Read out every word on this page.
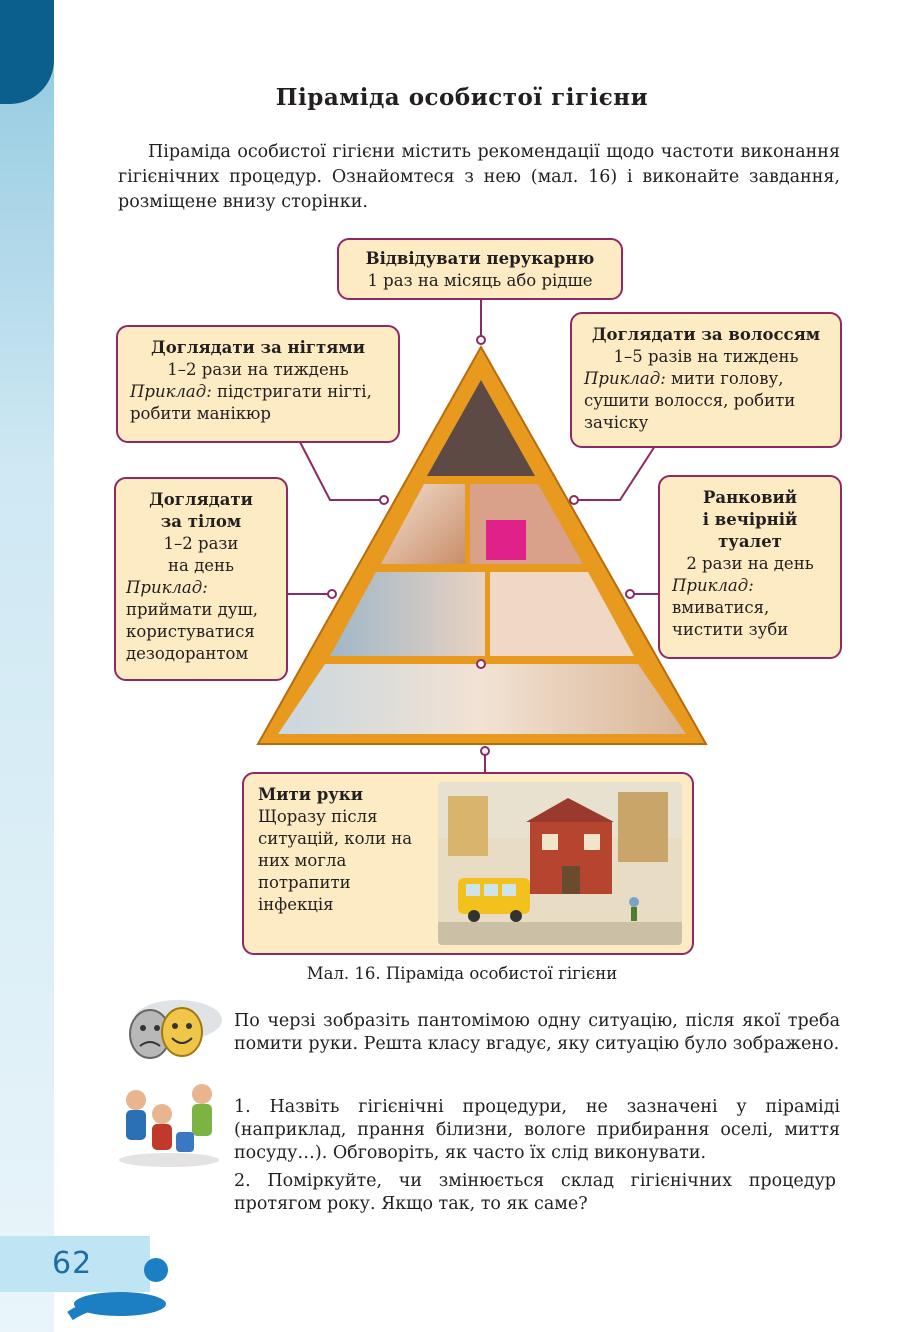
Піраміда особистої гігієни
Піраміда особистої гігієни містить рекомендації щодо частоти виконання гігієнічних процедур. Ознайомтеся з нею (мал. 16) і виконайте завдання, розміщене внизу сторінки.
Відвідувати перукарню
1 раз на місяць або рідше
Доглядати за нігтями
1–2 рази на тиждень
Приклад: підстригати нігті, робити манікюр
Доглядати за волоссям
1–5 разів на тиждень
Приклад: мити голову, сушити волосся, робити зачіску
Доглядати
за тілом
1–2 рази
на день
Приклад: приймати душ, користуватися дезодорантом
Ранковий
і вечірній
туалет
2 рази на день
Приклад: вмиватися, чистити зуби
Мити руки
Щоразу після ситуацій, коли на них могла потрапити інфекція
Мал. 16. Піраміда особистої гігієни
По черзі зобразіть пантомімою одну ситуацію, після якої треба помити руки. Решта класу вгадує, яку ситуацію було зображено.
1. Назвіть гігієнічні процедури, не зазначені у піраміді (наприклад, прання білизни, вологе прибирання оселі, миття посуду…). Обговоріть, як часто їх слід виконувати.
2. Поміркуйте, чи змінюється склад гігієнічних процедур протягом року. Якщо так, то як саме?
62
